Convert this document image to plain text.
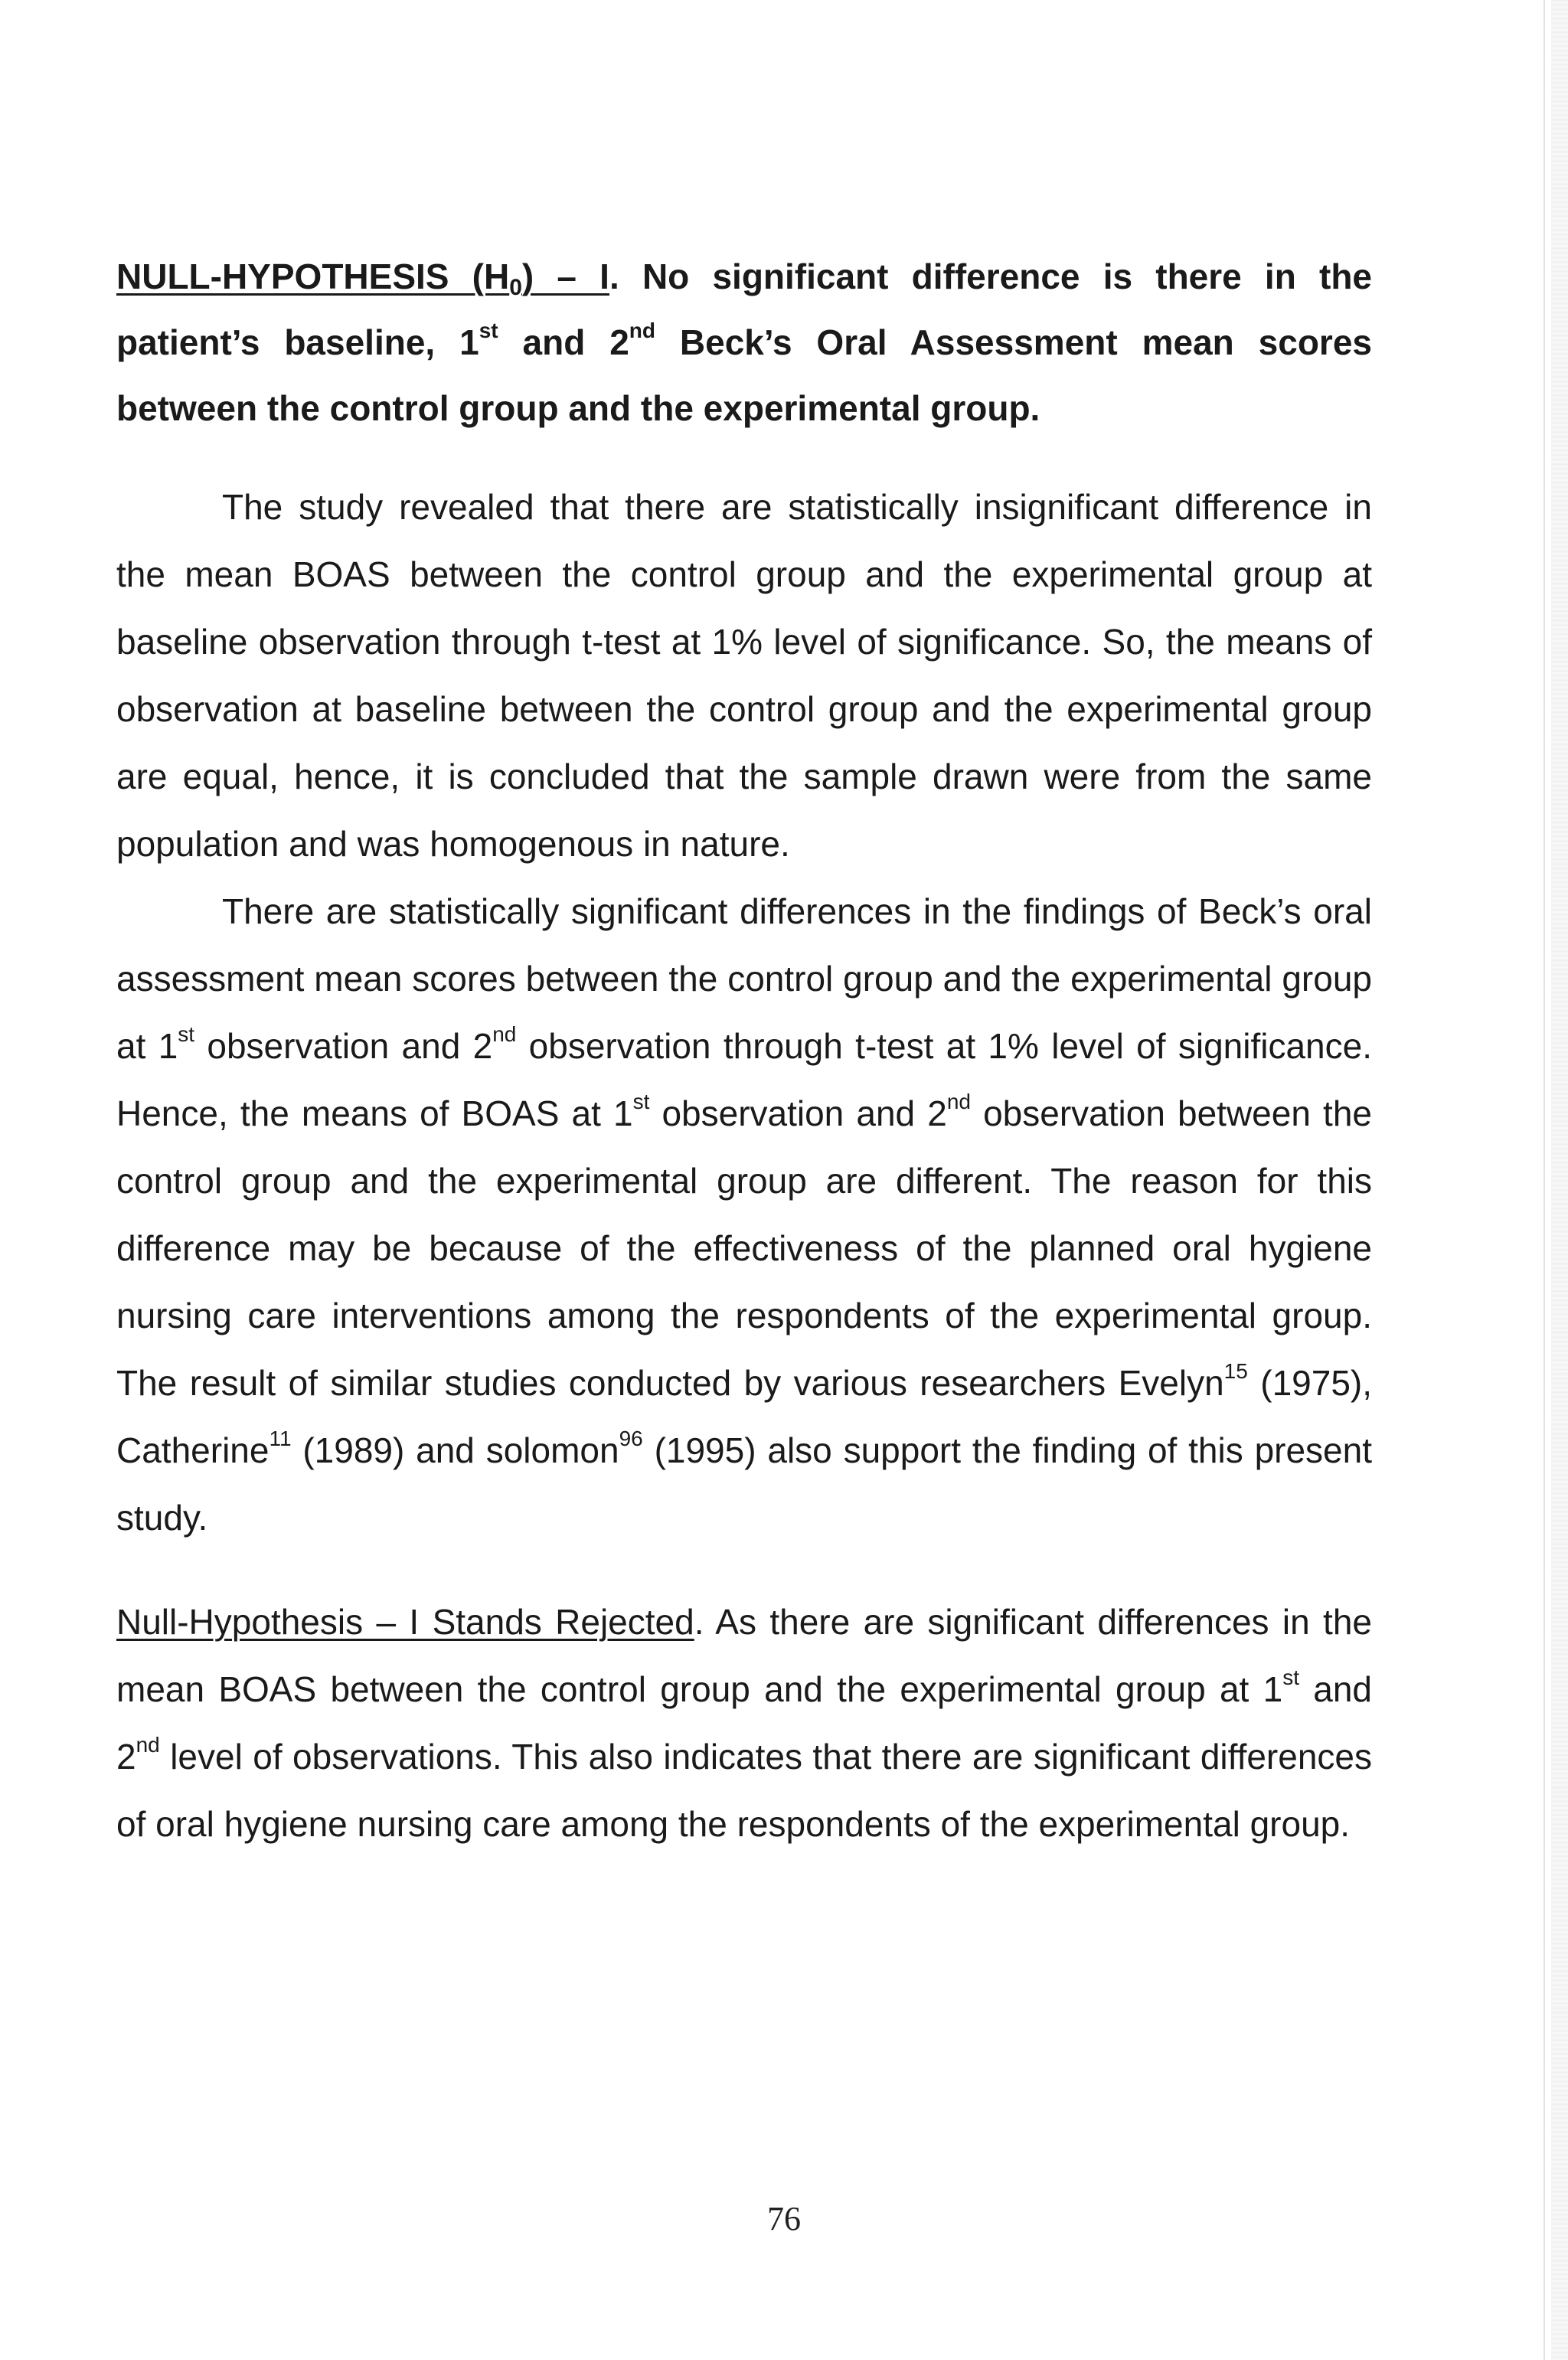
NULL-HYPOTHESIS $(H_0)$ – I. No significant difference is there in the patient’s baseline, 1st and 2nd Beck’s Oral Assessment mean scores between the control group and the experimental group.

The study revealed that there are statistically insignificant difference in the mean BOAS between the control group and the experimental group at baseline observation through t-test at 1% level of significance. So, the means of observation at baseline between the control group and the experimental group are equal, hence, it is concluded that the sample drawn were from the same population and was homogenous in nature.

There are statistically significant differences in the findings of Beck’s oral assessment mean scores between the control group and the experimental group at 1st observation and 2nd observation through t-test at 1% level of significance. Hence, the means of BOAS at 1st observation and 2nd observation between the control group and the experimental group are different. The reason for this difference may be because of the effectiveness of the planned oral hygiene nursing care interventions among the respondents of the experimental group. The result of similar studies conducted by various researchers Evelyn$^{15}$ (1975), Catherine$^{11}$ (1989) and solomon$^{96}$ (1995) also support the finding of this present study.

Null-Hypothesis – I Stands Rejected. As there are significant differences in the mean BOAS between the control group and the experimental group at 1st and 2nd level of observations. This also indicates that there are significant differences of oral hygiene nursing care among the respondents of the experimental group.

76
